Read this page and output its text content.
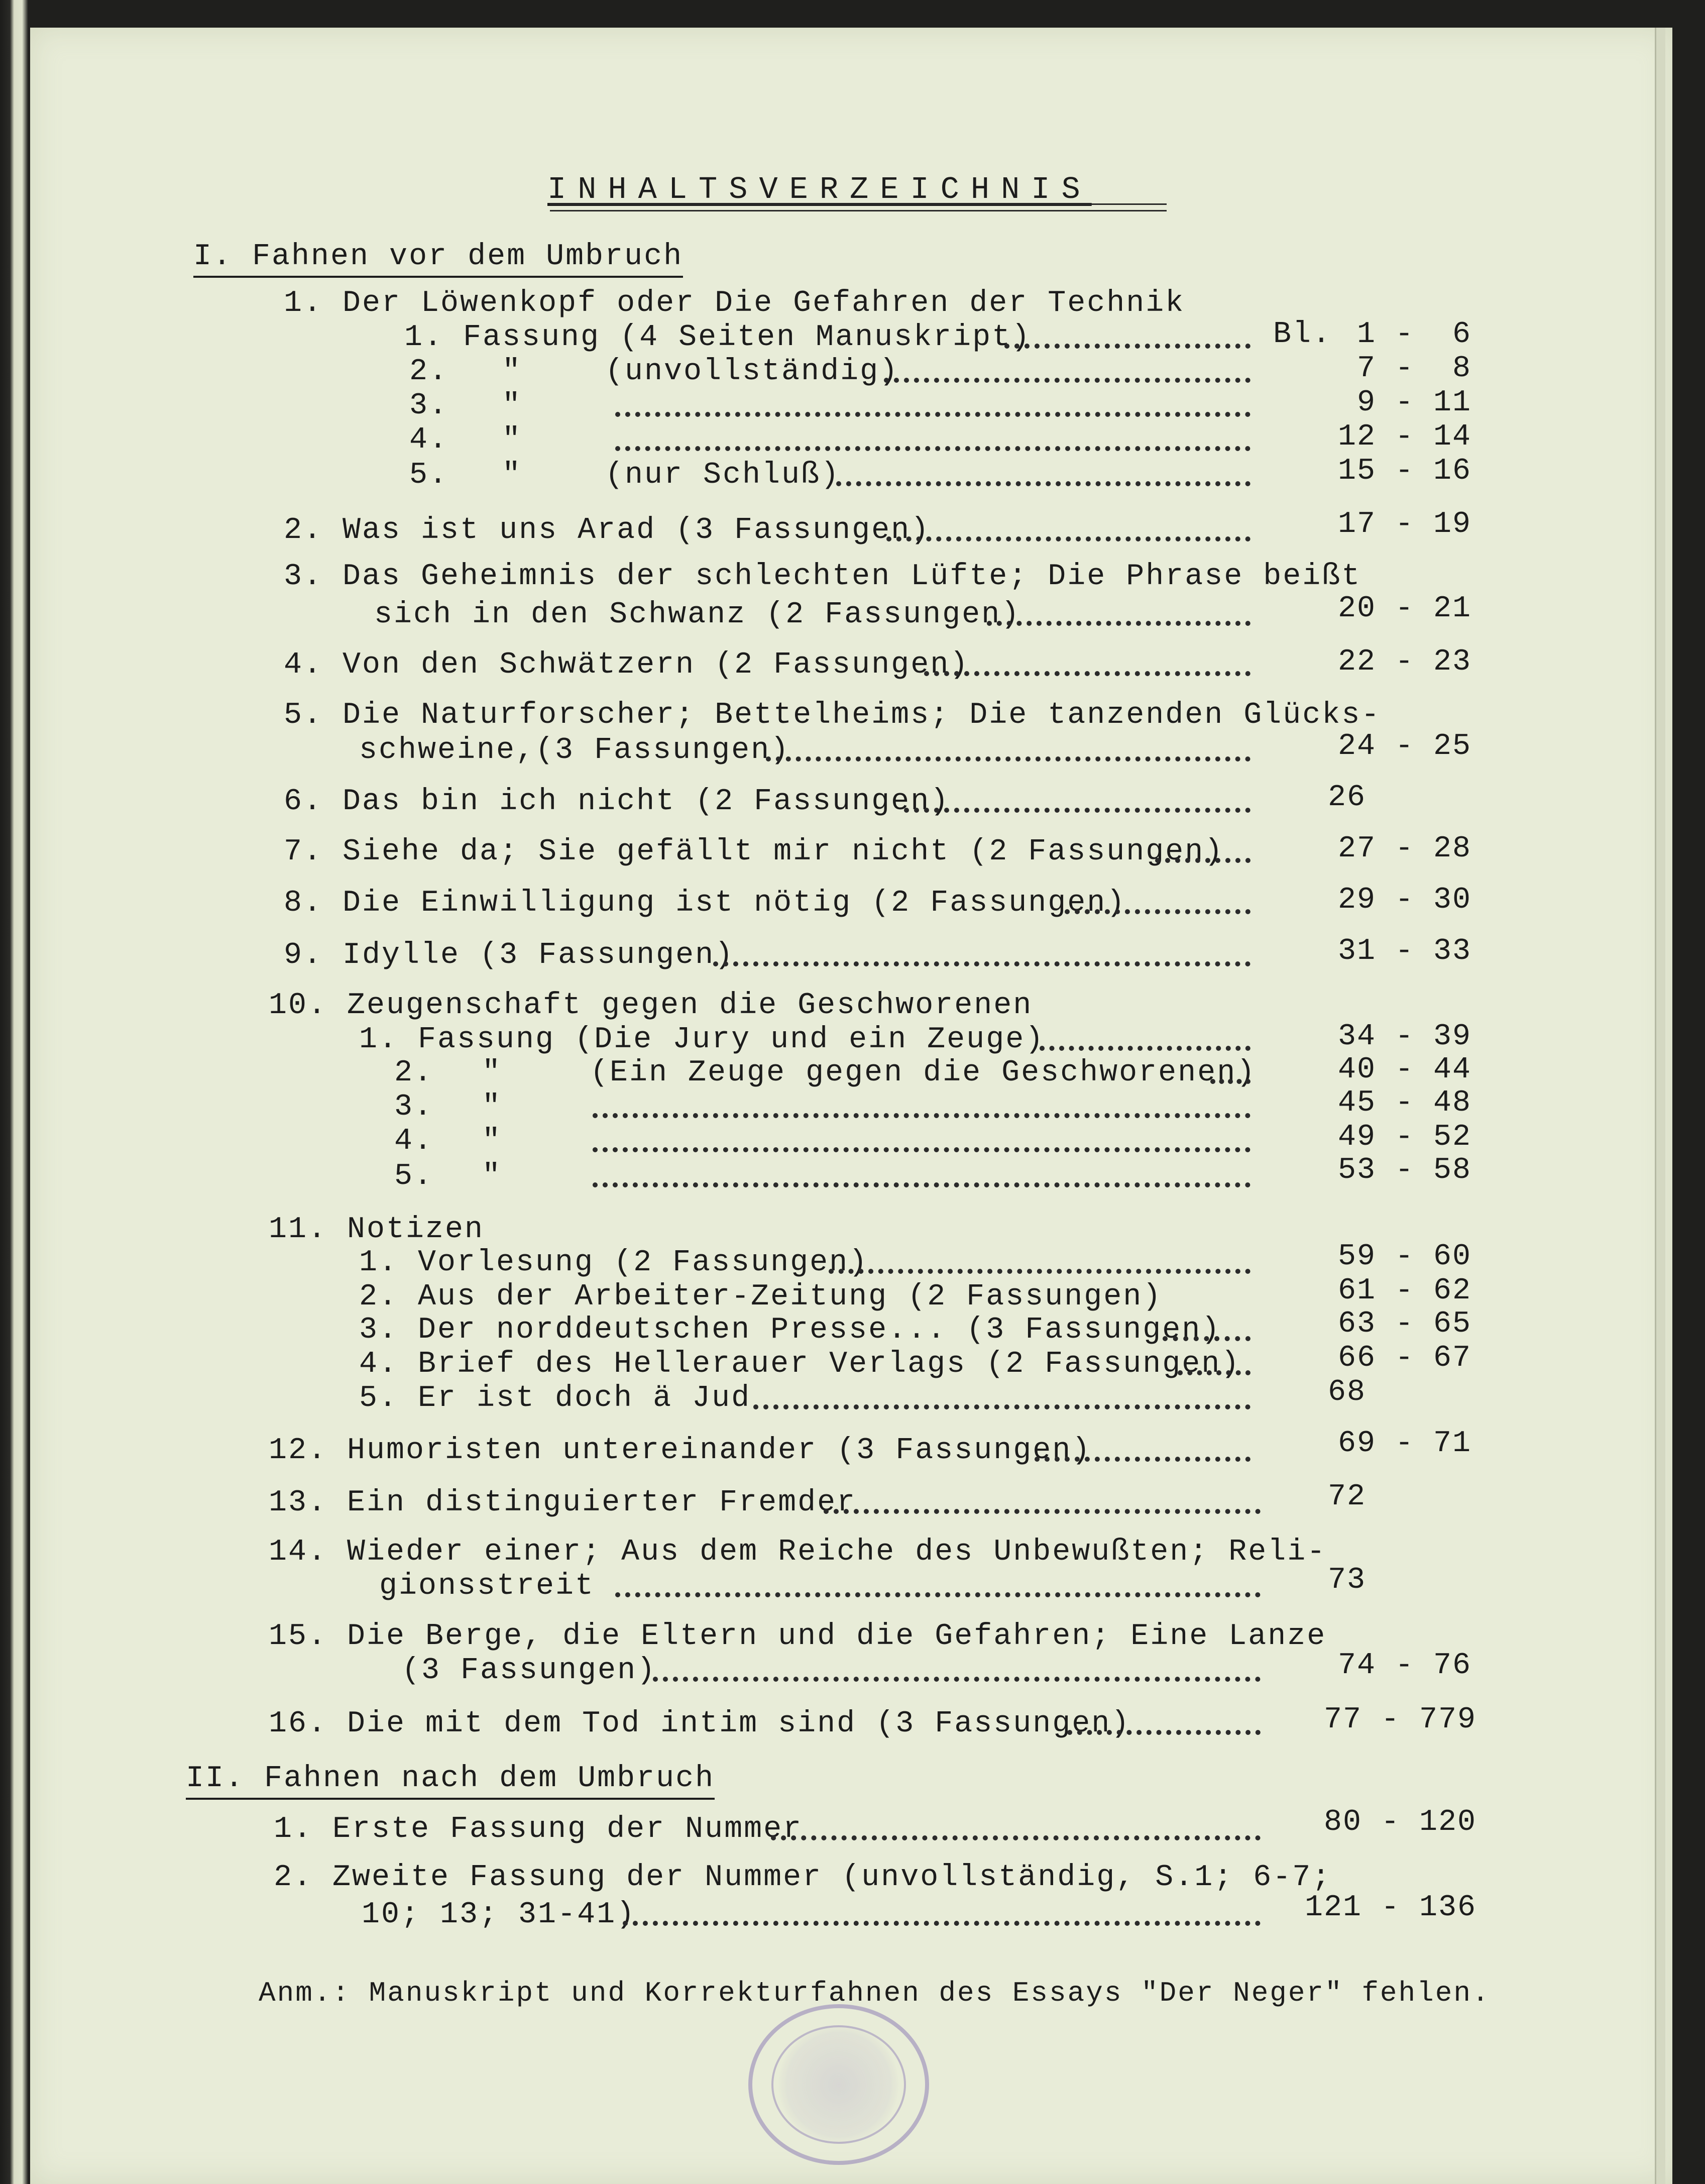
INHALTSVERZEICHNIS
I. Fahnen vor dem Umbruch
1. Der Löwenkopf oder Die Gefahren der Technik
1. Fassung (4 Seiten Manuskript)	Bl. 1 -  6
2. "	(unvollständig)	7 -  8
3. "	9 - 11
4. "	12 - 14
5. "	(nur Schluß)	15 - 16
2. Was ist uns Arad (3 Fassungen)	17 - 19
3. Das Geheimnis der schlechten Lüfte; Die Phrase beißt
sich in den Schwanz (2 Fassungen)	20 - 21
4. Von den Schwätzern (2 Fassungen)	22 - 23
5. Die Naturforscher; Bettelheims; Die tanzenden Glücks-
schweine,(3 Fassungen)	24 - 25
6. Das bin ich nicht (2 Fassungen)	26
7. Siehe da; Sie gefällt mir nicht (2 Fassungen)	27 - 28
8. Die Einwilligung ist nötig (2 Fassungen)	29 - 30
9. Idylle (3 Fassungen)	31 - 33
10. Zeugenschaft gegen die Geschworenen
1. Fassung (Die Jury und ein Zeuge)	34 - 39
2. "	(Ein Zeuge gegen die Geschworenen)	40 - 44
3. "	45 - 48
4. "	49 - 52
5. "	53 - 58
11. Notizen
1. Vorlesung (2 Fassungen)	59 - 60
2. Aus der Arbeiter-Zeitung (2 Fassungen)	61 - 62
3. Der norddeutschen Presse... (3 Fassungen)	63 - 65
4. Brief des Hellerauer Verlags (2 Fassungen)	66 - 67
5. Er ist doch ä Jud	68
12. Humoristen untereinander (3 Fassungen)	69 - 71
13. Ein distinguierter Fremder	72
14. Wieder einer; Aus dem Reiche des Unbewußten; Reli-
gionsstreit	73
15. Die Berge, die Eltern und die Gefahren; Eine Lanze
(3 Fassungen)	74 - 76
16. Die mit dem Tod intim sind (3 Fassungen)	77 - 779
II. Fahnen nach dem Umbruch
1. Erste Fassung der Nummer	80 - 120
2. Zweite Fassung der Nummer (unvollständig, S.1; 6-7;
10; 13; 31-41)	121 - 136
Anm.: Manuskript und Korrekturfahnen des Essays "Der Neger" fehlen.
